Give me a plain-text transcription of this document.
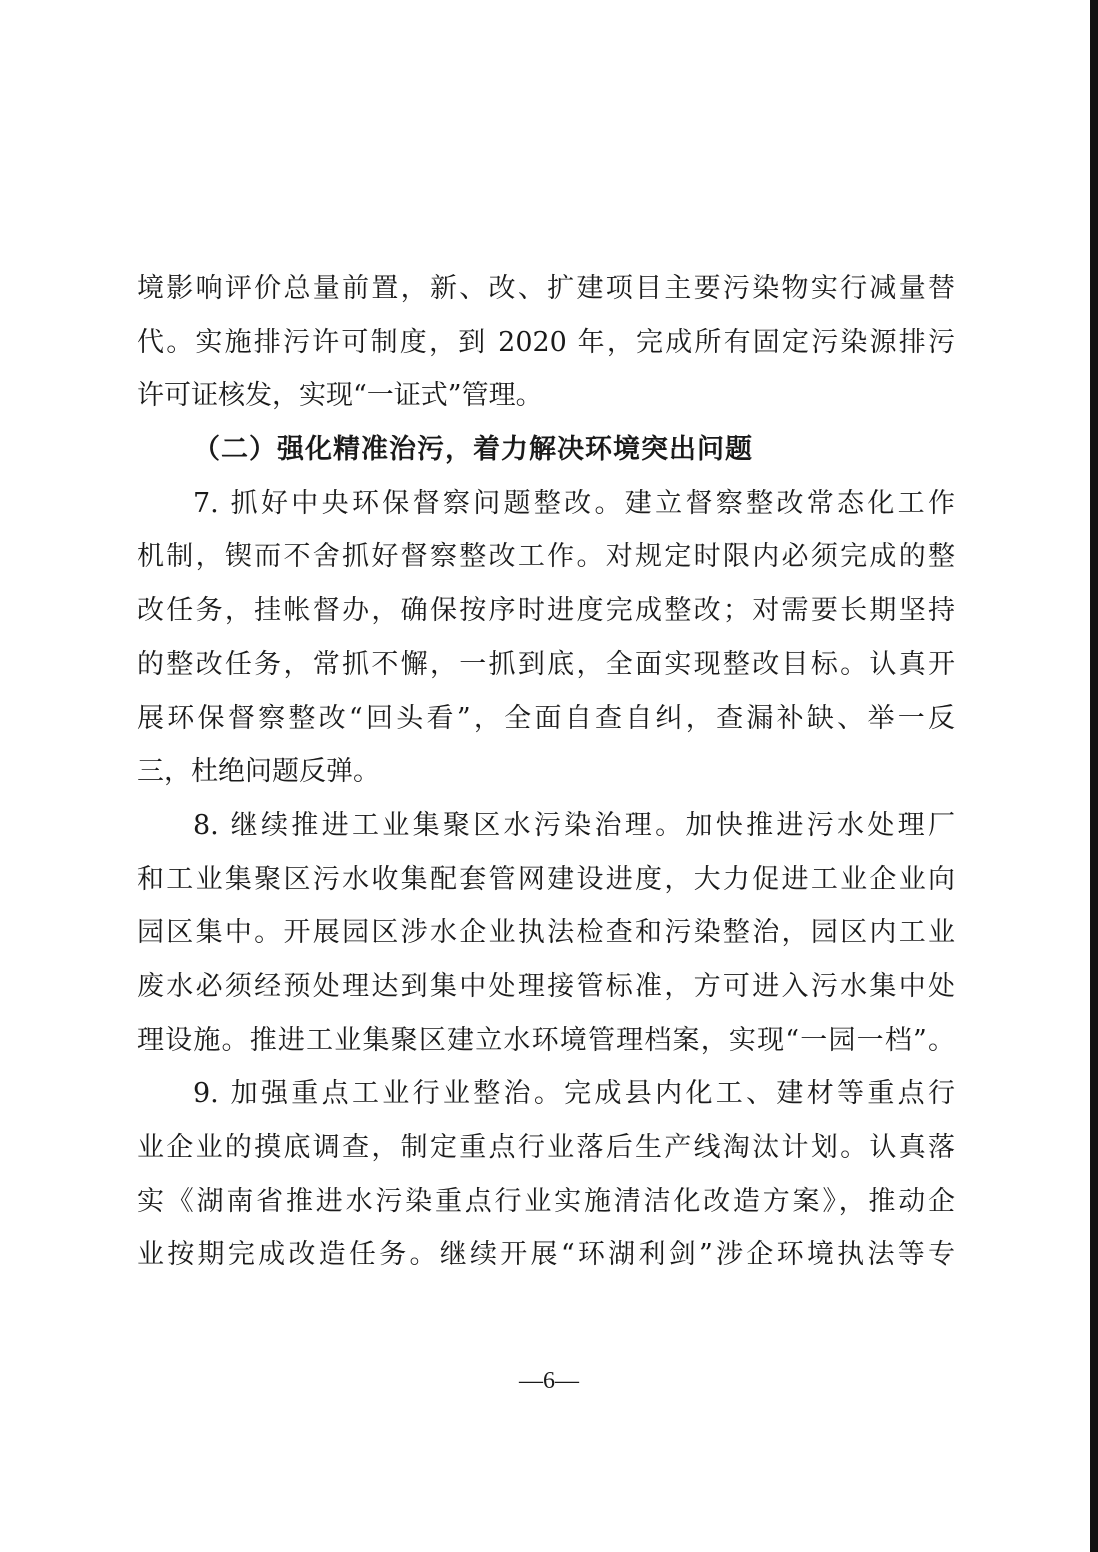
境影响评价总量前置，新、改、扩建项目主要污染物实行减量替
代。实施排污许可制度，到 2020 年，完成所有固定污染源排污
许可证核发，实现“一证式”管理。
（二）强化精准治污，着力解决环境突出问题
7. 抓好中央环保督察问题整改。建立督察整改常态化工作
机制，锲而不舍抓好督察整改工作。对规定时限内必须完成的整
改任务，挂帐督办，确保按序时进度完成整改；对需要长期坚持
的整改任务，常抓不懈，一抓到底，全面实现整改目标。认真开
展环保督察整改“回头看”，全面自查自纠，查漏补缺、举一反
三，杜绝问题反弹。
8. 继续推进工业集聚区水污染治理。加快推进污水处理厂
和工业集聚区污水收集配套管网建设进度，大力促进工业企业向
园区集中。开展园区涉水企业执法检查和污染整治，园区内工业
废水必须经预处理达到集中处理接管标准，方可进入污水集中处
理设施。推进工业集聚区建立水环境管理档案，实现“一园一档”。
9. 加强重点工业行业整治。完成县内化工、建材等重点行
业企业的摸底调查，制定重点行业落后生产线淘汰计划。认真落
实《湖南省推进水污染重点行业实施清洁化改造方案》，推动企
业按期完成改造任务。继续开展“环湖利剑”涉企环境执法等专
—6—
